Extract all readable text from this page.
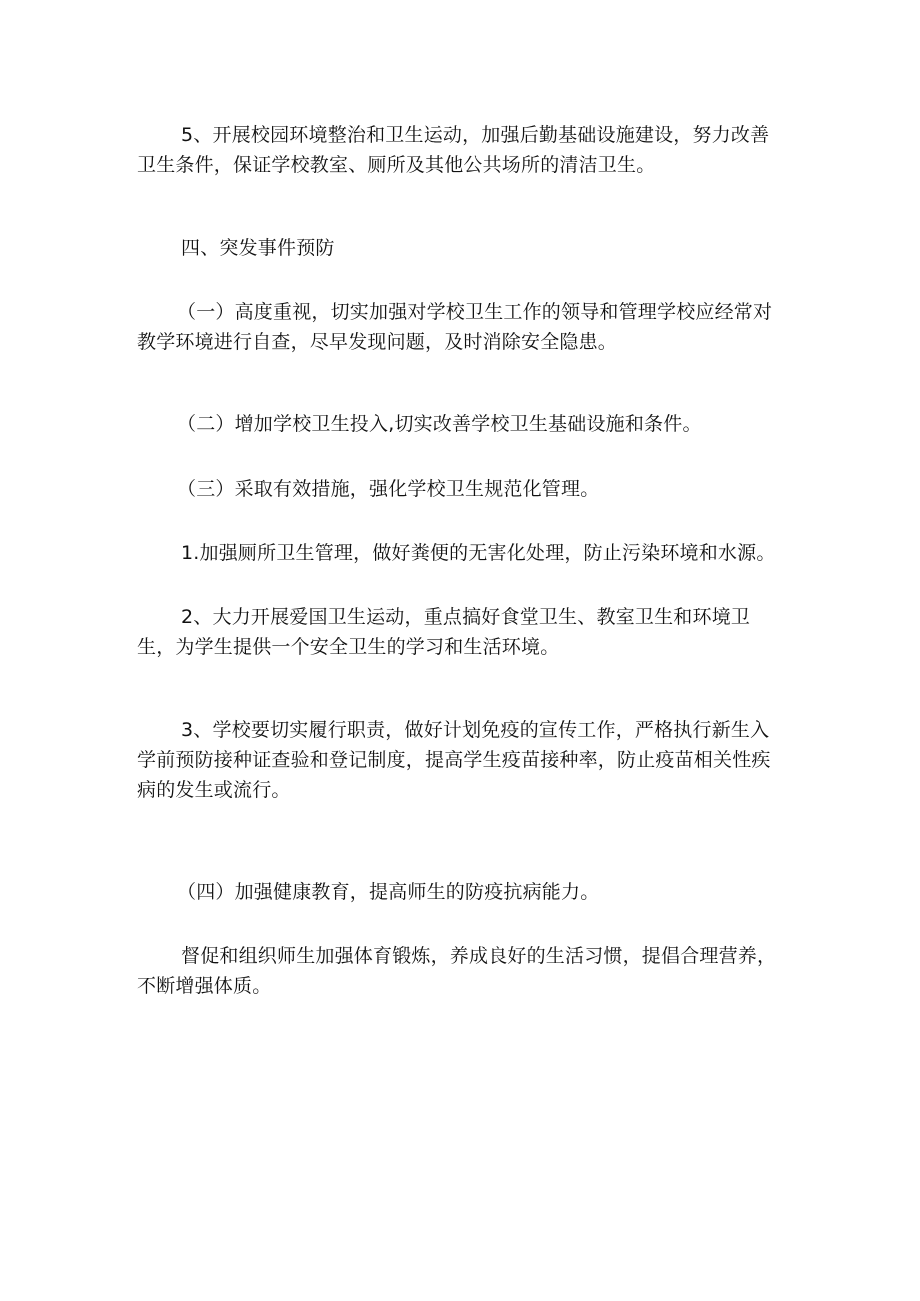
5、开展校园环境整治和卫生运动，加强后勤基础设施建设，努力改善卫生条件，保证学校教室、厕所及其他公共场所的清洁卫生。

四、突发事件预防

（一）高度重视，切实加强对学校卫生工作的领导和管理学校应经常对教学环境进行自查，尽早发现问题，及时消除安全隐患。

（二）增加学校卫生投入,切实改善学校卫生基础设施和条件。

（三）采取有效措施，强化学校卫生规范化管理。

1.加强厕所卫生管理，做好粪便的无害化处理，防止污染环境和水源。

2、大力开展爱国卫生运动，重点搞好食堂卫生、教室卫生和环境卫生，为学生提供一个安全卫生的学习和生活环境。

3、学校要切实履行职责，做好计划免疫的宣传工作，严格执行新生入学前预防接种证查验和登记制度，提高学生疫苗接种率，防止疫苗相关性疾病的发生或流行。

（四）加强健康教育，提高师生的防疫抗病能力。

督促和组织师生加强体育锻炼，养成良好的生活习惯，提倡合理营养，不断增强体质。
